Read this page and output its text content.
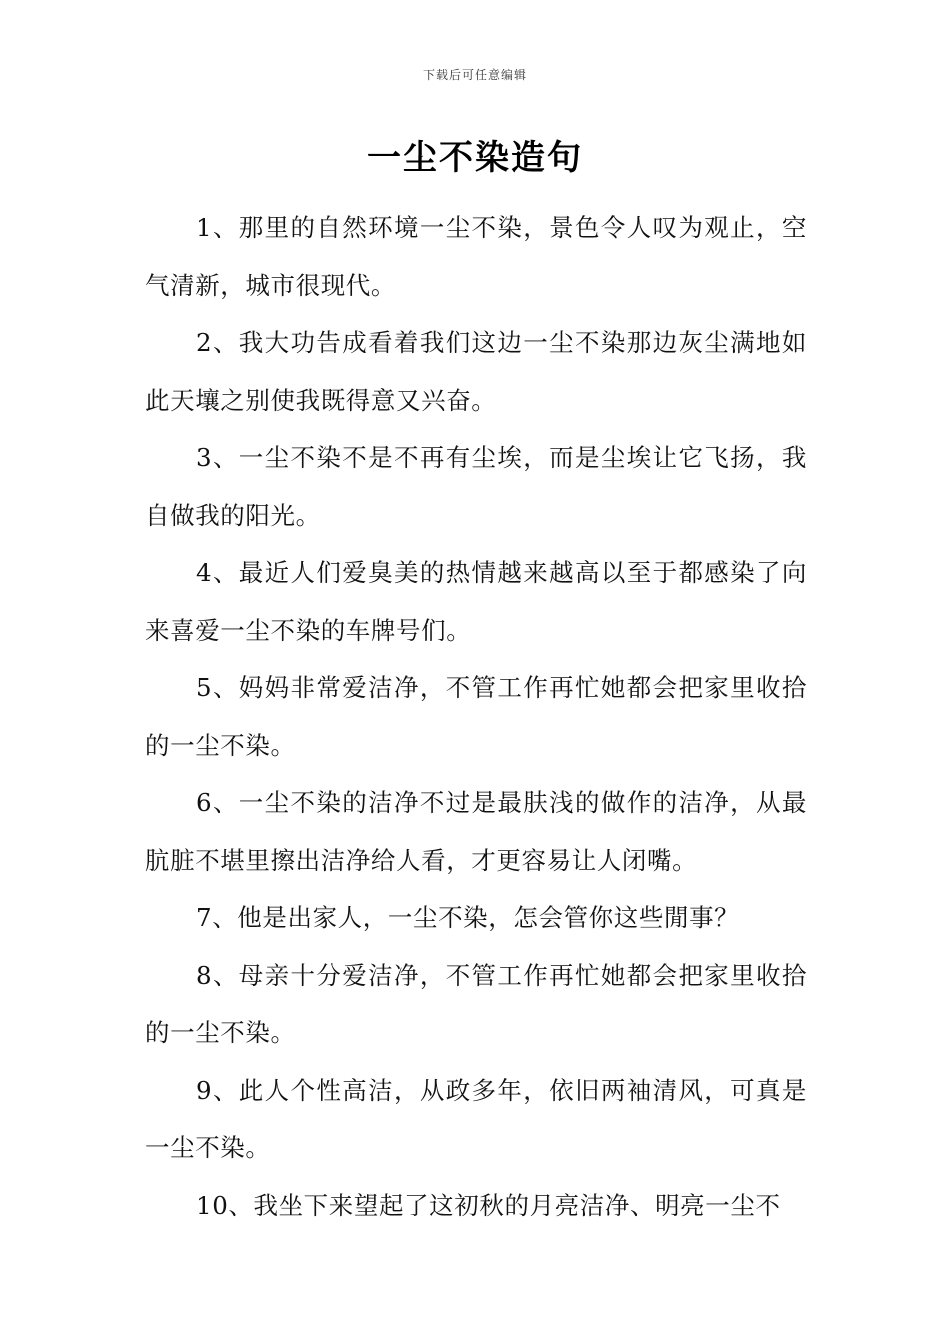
下载后可任意编辑
一尘不染造句

1、那里的自然环境一尘不染，景色令人叹为观止，空气清新，城市很现代。

2、我大功告成看着我们这边一尘不染那边灰尘满地如此天壤之别使我既得意又兴奋。

3、一尘不染不是不再有尘埃，而是尘埃让它飞扬，我自做我的阳光。

4、最近人们爱臭美的热情越来越高以至于都感染了向来喜爱一尘不染的车牌号们。

5、妈妈非常爱洁净，不管工作再忙她都会把家里收拾的一尘不染。

6、一尘不染的洁净不过是最肤浅的做作的洁净，从最肮脏不堪里擦出洁净给人看，才更容易让人闭嘴。

7、他是出家人，一尘不染，怎会管你这些閒事？

8、母亲十分爱洁净，不管工作再忙她都会把家里收拾的一尘不染。

9、此人个性高洁，从政多年，依旧两袖清风，可真是一尘不染。

10、我坐下来望起了这初秋的月亮洁净、明亮一尘不
